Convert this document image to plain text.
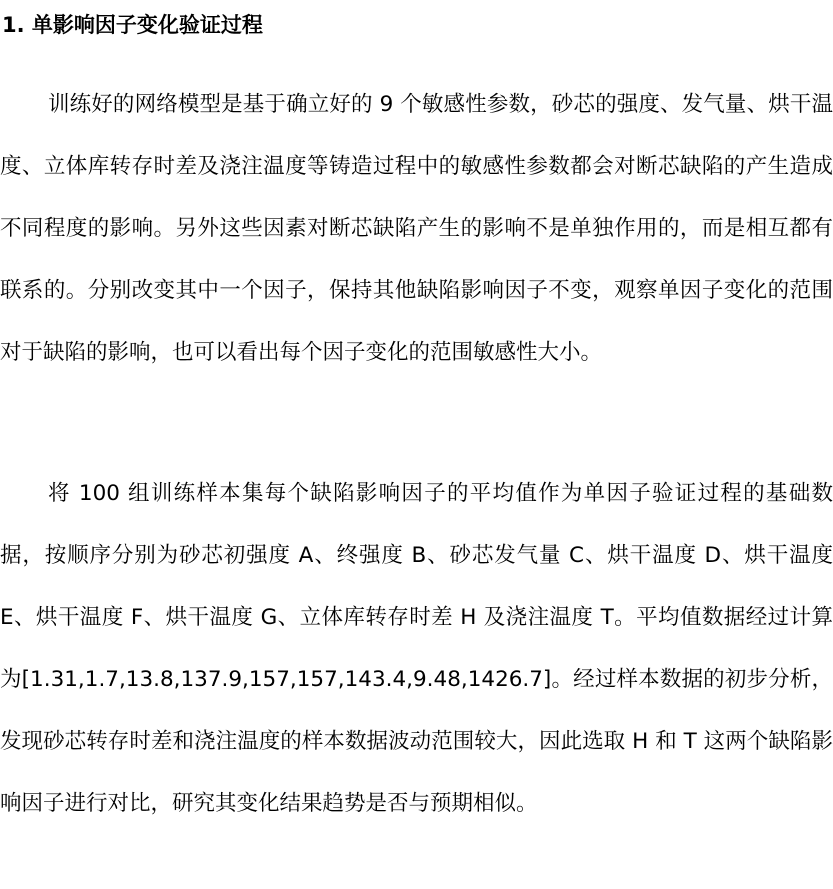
1. 单影响因子变化验证过程

训练好的网络模型是基于确立好的 9 个敏感性参数，砂芯的强度、发气量、烘干温度、立体库转存时差及浇注温度等铸造过程中的敏感性参数都会对断芯缺陷的产生造成不同程度的影响。另外这些因素对断芯缺陷产生的影响不是单独作用的，而是相互都有联系的。分别改变其中一个因子，保持其他缺陷影响因子不变，观察单因子变化的范围对于缺陷的影响，也可以看出每个因子变化的范围敏感性大小。

将 100 组训练样本集每个缺陷影响因子的平均值作为单因子验证过程的基础数据，按顺序分别为砂芯初强度 A、终强度 B、砂芯发气量 C、烘干温度 D、烘干温度 E、烘干温度 F、烘干温度 G、立体库转存时差 H 及浇注温度 T。平均值数据经过计算为[1.31,1.7,13.8,137.9,157,157,143.4,9.48,1426.7]。经过样本数据的初步分析，发现砂芯转存时差和浇注温度的样本数据波动范围较大，因此选取 H 和 T 这两个缺陷影响因子进行对比，研究其变化结果趋势是否与预期相似。
